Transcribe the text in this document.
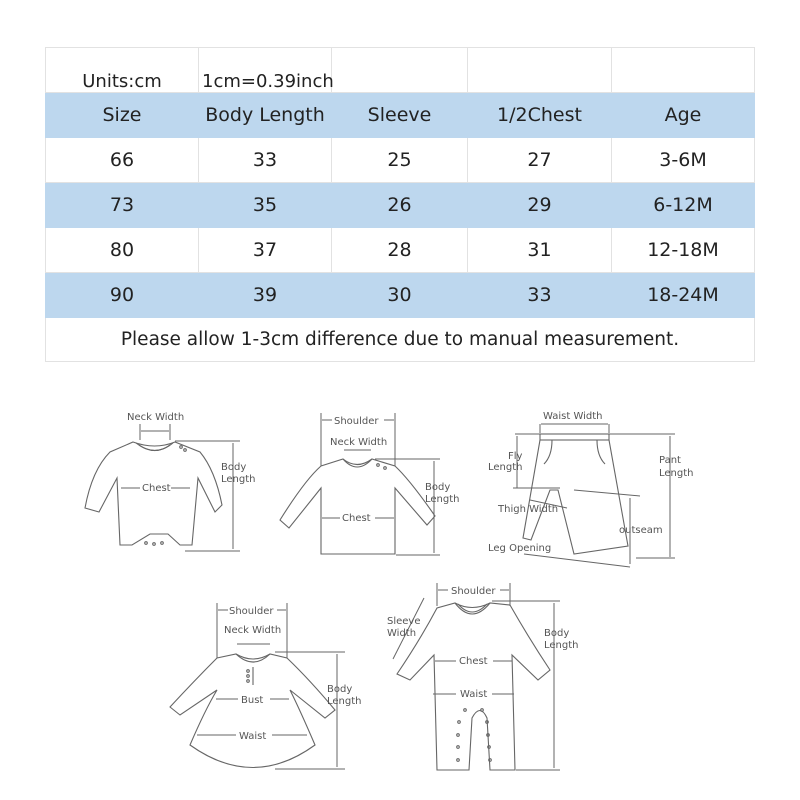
Units:cm	1cm=0.39inch			
Size	Body Length	Sleeve	1/2Chest	Age
66	33	25	27	3-6M
73	35	26	29	6-12M
80	37	28	31	12-18M
90	39	30	33	18-24M
Please allow 1-3cm difference due to manual measurement.				
Neck Width
Chest
Body
Length
Shoulder
Neck Width
Chest
Body
Length
Waist Width
Fly
Length
Pant
Length
Thigh Width
outseam
Leg Opening
Shoulder
Neck Width
Bust
Waist
Body
Length
Shoulder
Sleeve
Width
Chest
Waist
Body
Length
